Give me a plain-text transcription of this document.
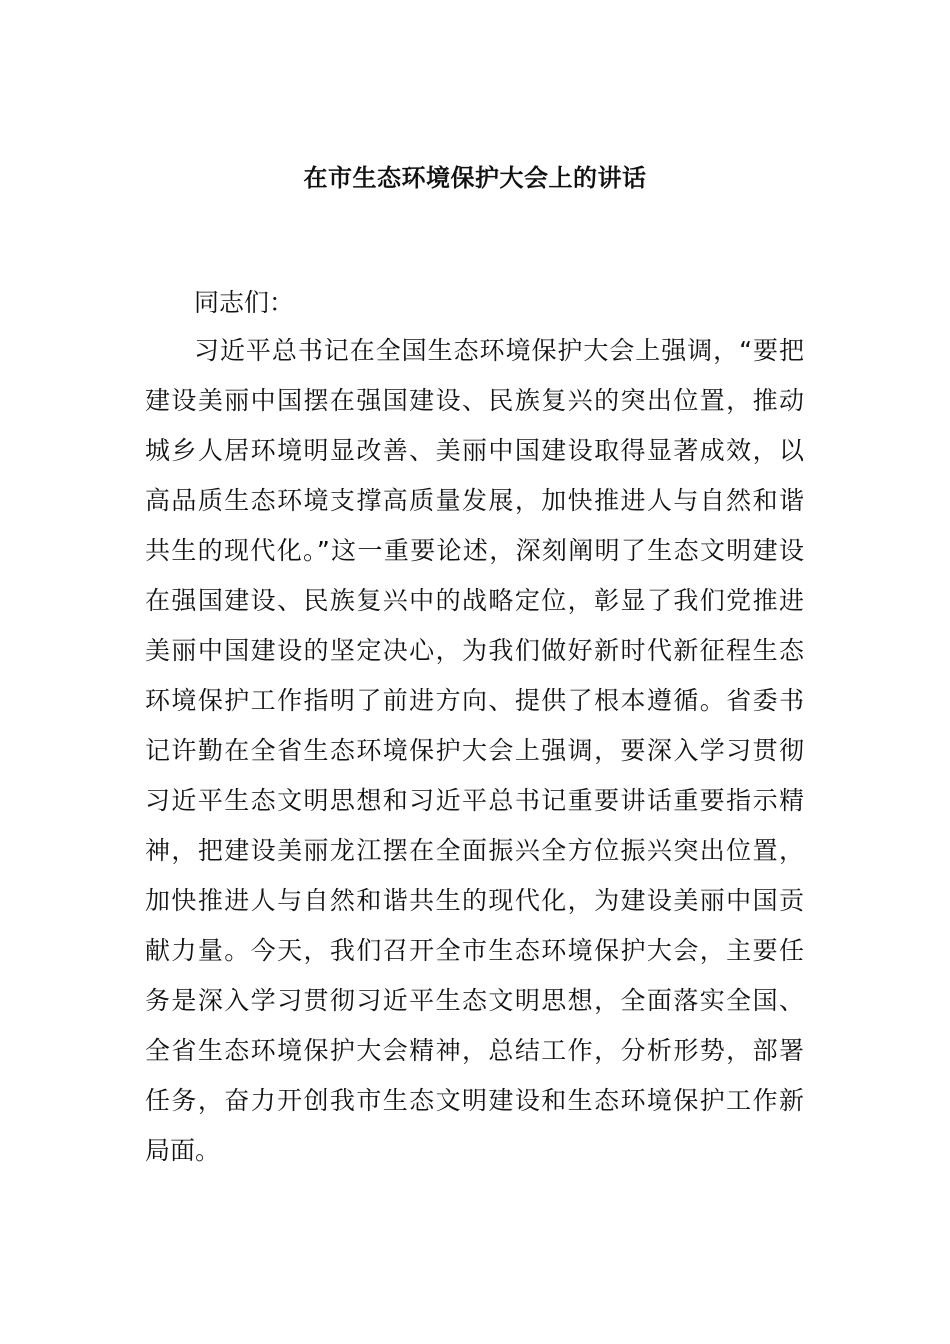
在市生态环境保护大会上的讲话
同志们：
习近平总书记在全国生态环境保护大会上强调，“要把
建设美丽中国摆在强国建设、民族复兴的突出位置，推动
城乡人居环境明显改善、美丽中国建设取得显著成效，以
高品质生态环境支撑高质量发展，加快推进人与自然和谐
共生的现代化。”这一重要论述，深刻阐明了生态文明建设
在强国建设、民族复兴中的战略定位，彰显了我们党推进
美丽中国建设的坚定决心，为我们做好新时代新征程生态
环境保护工作指明了前进方向、提供了根本遵循。省委书
记许勤在全省生态环境保护大会上强调，要深入学习贯彻
习近平生态文明思想和习近平总书记重要讲话重要指示精
神，把建设美丽龙江摆在全面振兴全方位振兴突出位置，
加快推进人与自然和谐共生的现代化，为建设美丽中国贡
献力量。今天，我们召开全市生态环境保护大会，主要任
务是深入学习贯彻习近平生态文明思想，全面落实全国、
全省生态环境保护大会精神，总结工作，分析形势，部署
任务，奋力开创我市生态文明建设和生态环境保护工作新
局面。
